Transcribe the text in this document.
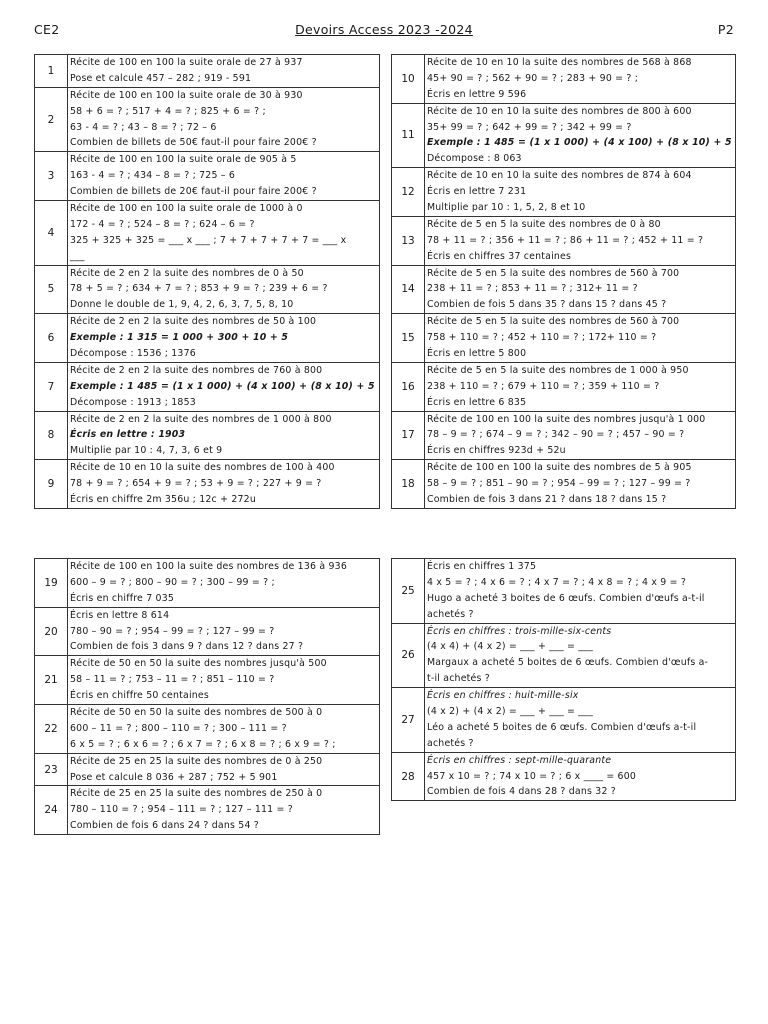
CE2	Devoirs Access 2023 -2024	P2
1	Récite de 100 en 100 la suite orale de 27 à 937
Pose et calcule 457 – 282 ; 919 - 591

2	Récite de 100 en 100 la suite orale de 30 à 930
58 + 6 = ? ; 517 + 4 = ? ; 825 + 6 = ? ;
63 - 4 = ? ; 43 – 8 = ? ; 72 – 6
Combien de billets de 50€ faut-il pour faire 200€ ?

3	Récite de 100 en 100 la suite orale de 905 à 5
163 - 4 = ? ; 434 – 8 = ? ; 725 – 6
Combien de billets de 20€ faut-il pour faire 200€ ?

4	Récite de 100 en 100 la suite orale de 1000 à 0
172 - 4 = ? ; 524 – 8 = ? ; 624 – 6 = ?
325 + 325 + 325 = ___ x ___ ; 7 + 7 + 7 + 7 + 7 = ___ x
___

5	Récite de 2 en 2 la suite des nombres de 0 à 50
78 + 5 = ? ; 634 + 7 = ? ; 853 + 9 = ? ; 239 + 6 = ?
Donne le double de 1, 9, 4, 2, 6, 3, 7, 5, 8, 10

6	Récite de 2 en 2 la suite des nombres de 50 à 100
Exemple : 1 315 = 1 000 + 300 + 10 + 5
Décompose : 1536 ; 1376

7	Récite de 2 en 2 la suite des nombres de 760 à 800
Exemple : 1 485 = (1 x 1 000) + (4 x 100) + (8 x 10) + 5
Décompose : 1913 ; 1853

8	Récite de 2 en 2 la suite des nombres de 1 000 à 800
Écris en lettre : 1903
Multiplie par 10 : 4, 7, 3, 6 et 9

9	Récite de 10 en 10 la suite des nombres de 100 à 400
78 + 9 = ? ; 654 + 9 = ? ; 53 + 9 = ? ; 227 + 9 = ?
Écris en chiffre 2m 356u ; 12c + 272u
10	Récite de 10 en 10 la suite des nombres de 568 à 868
45+ 90 = ? ; 562 + 90 = ? ; 283 + 90 = ? ;
Écris en lettre 9 596

11	Récite de 10 en 10 la suite des nombres de 800 à 600
35+ 99 = ? ; 642 + 99 = ? ; 342 + 99 = ?
Exemple : 1 485 = (1 x 1 000) + (4 x 100) + (8 x 10) + 5
Décompose : 8 063

12	Récite de 10 en 10 la suite des nombres de 874 à 604
Écris en lettre 7 231
Multiplie par 10 : 1, 5, 2, 8 et 10

13	Récite de 5 en 5 la suite des nombres de 0 à 80
78 + 11 = ? ; 356 + 11 = ? ; 86 + 11 = ? ; 452 + 11 = ?
Écris en chiffres 37 centaines

14	Récite de 5 en 5 la suite des nombres de 560 à 700
238 + 11 = ? ; 853 + 11 = ? ; 312+ 11 = ?
Combien de fois 5 dans 35 ? dans 15 ? dans 45 ?

15	Récite de 5 en 5 la suite des nombres de 560 à 700
758 + 110 = ? ; 452 + 110 = ? ; 172+ 110 = ?
Écris en lettre 5 800

16	Récite de 5 en 5 la suite des nombres de 1 000 à 950
238 + 110 = ? ; 679 + 110 = ? ; 359 + 110 = ?
Écris en lettre 6 835

17	Récite de 100 en 100 la suite des nombres jusqu'à 1 000
78 – 9 = ? ; 674 – 9 = ? ; 342 – 90 = ? ; 457 – 90 = ?
Écris en chiffres 923d + 52u

18	Récite de 100 en 100 la suite des nombres de 5 à 905
58 – 9 = ? ; 851 – 90 = ? ; 954 – 99 = ? ; 127 – 99 = ?
Combien de fois 3 dans 21 ? dans 18 ? dans 15 ?
19	Récite de 100 en 100 la suite des nombres de 136 à 936
600 – 9 = ? ; 800 – 90 = ? ; 300 – 99 = ? ;
Écris en chiffre 7 035

20	Écris en lettre 8 614
780 – 90 = ? ; 954 – 99 = ? ; 127 – 99 = ?
Combien de fois 3 dans 9 ? dans 12 ? dans 27 ?

21	Récite de 50 en 50 la suite des nombres jusqu'à 500
58 – 11 = ? ; 753 – 11 = ? ; 851 – 110 = ?
Écris en chiffre 50 centaines

22	Récite de 50 en 50 la suite des nombres de 500 à 0
600 – 11 = ? ; 800 – 110 = ? ; 300 – 111 = ?
6 x 5 = ? ; 6 x 6 = ? ; 6 x 7 = ? ; 6 x 8 = ? ; 6 x 9 = ? ;

23	Récite de 25 en 25 la suite des nombres de 0 à 250
Pose et calcule 8 036 + 287 ; 752 + 5 901

24	Récite de 25 en 25 la suite des nombres de 250 à 0
780 – 110 = ? ; 954 – 111 = ? ; 127 – 111 = ?
Combien de fois 6 dans 24 ? dans 54 ?
25	Écris en chiffres 1 375
4 x 5 = ? ; 4 x 6 = ? ; 4 x 7 = ? ; 4 x 8 = ? ; 4 x 9 = ?
Hugo a acheté 3 boites de 6 œufs. Combien d'œufs a-t-il
achetés ?

26	Écris en chiffres : trois-mille-six-cents
(4 x 4) + (4 x 2) = ___ + ___ = ___
Margaux a acheté 5 boites de 6 œufs. Combien d'œufs a-
t-il achetés ?

27	Écris en chiffres : huit-mille-six
(4 x 2) + (4 x 2) = ___ + ___ = ___
Léo a acheté 5 boites de 6 œufs. Combien d'œufs a-t-il
achetés ?

28	Écris en chiffres : sept-mille-quarante
457 x 10 = ? ; 74 x 10 = ? ; 6 x ____ = 600
Combien de fois 4 dans 28 ? dans 32 ?
